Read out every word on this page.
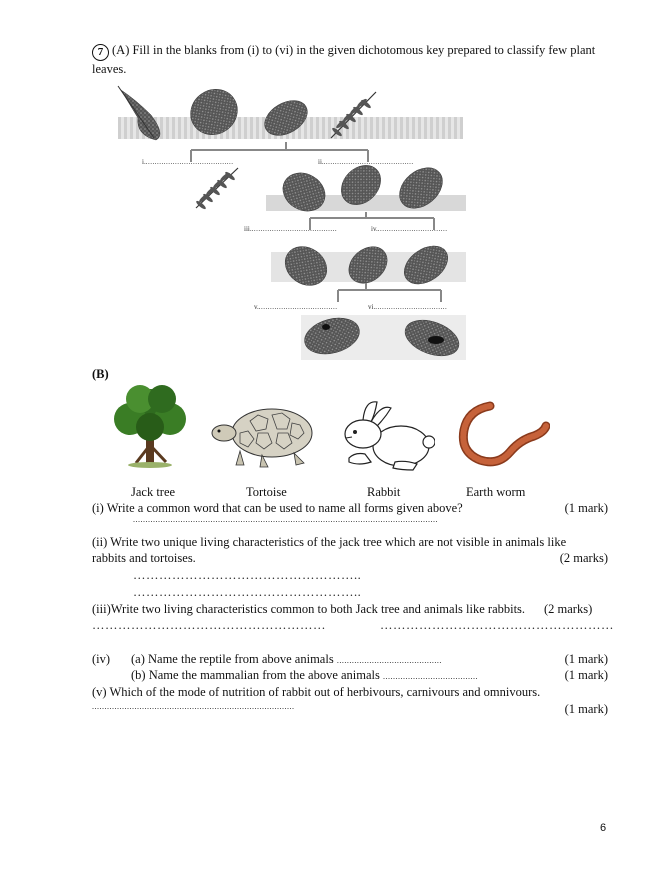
7 (A) Fill in the blanks from (i) to (vi) in the given dichotomous key prepared to classify few plant
leaves.
i........................................	ii.........................................
iii.......................................	iv................................
v....................................	vi.................................
(B)
Jack tree	Tortoise	Rabbit	Earth worm
(i) Write a common word that can be used to name all forms given above?	(1 mark)
..........................................................................................................................
(ii) Write two unique living characteristics of the jack tree which are not visible in animals like
rabbits and tortoises.	(2 marks)
……………………………………………..
……………………………………………..
(iii)Write two living characteristics common to both Jack tree and animals like rabbits. (2 marks)
………………………………………………	………………………………………………
(iv) (a) Name the reptile from above animals ..........................................	(1 mark)
(b) Name the mammalian from the above animals ......................................	(1 mark)
(v) Which of the mode of nutrition of rabbit out of herbivours, carnivours and omnivours.
.................................................................................	(1 mark)
6
